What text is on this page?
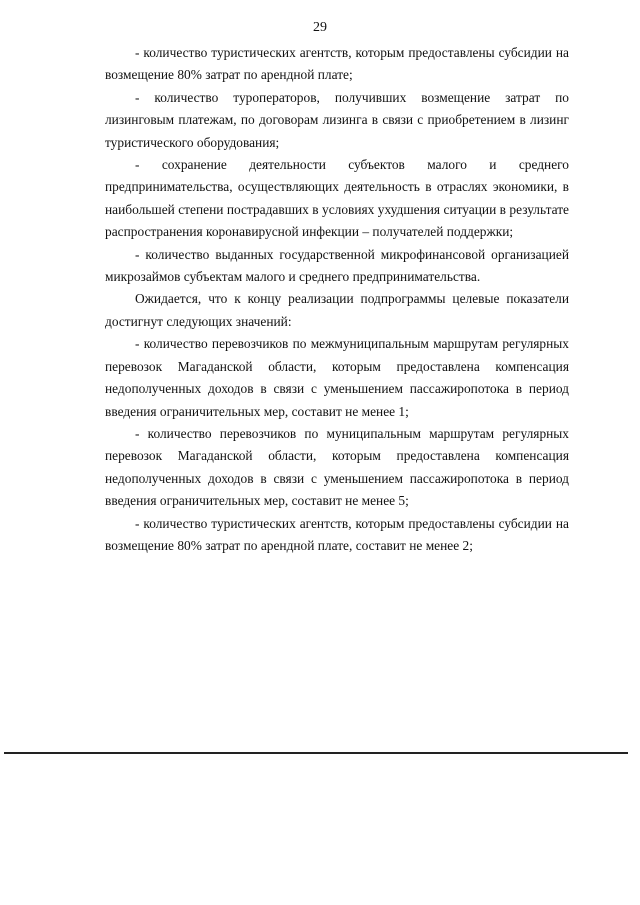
29

- количество туристических агентств, которым предоставлены субсидии на возмещение 80% затрат по арендной плате;

- количество туроператоров, получивших возмещение затрат по лизинговым платежам, по договорам лизинга в связи с приобретением в лизинг туристического оборудования;

- сохранение деятельности субъектов малого и среднего предпринимательства, осуществляющих деятельность в отраслях экономики, в наибольшей степени пострадавших в условиях ухудшения ситуации в результате распространения коронавирусной инфекции – получателей поддержки;

- количество выданных государственной микрофинансовой организацией микрозаймов субъектам малого и среднего предпринимательства.

Ожидается, что к концу реализации подпрограммы целевые показатели достигнут следующих значений:

- количество перевозчиков по межмуниципальным маршрутам регулярных перевозок Магаданской области, которым предоставлена компенсация недополученных доходов в связи с уменьшением пассажиропотока в период введения ограничительных мер, составит не менее 1;

- количество перевозчиков по муниципальным маршрутам регулярных перевозок Магаданской области, которым предоставлена компенсация недополученных доходов в связи с уменьшением пассажиропотока в период введения ограничительных мер, составит не менее 5;

- количество туристических агентств, которым предоставлены субсидии на возмещение 80% затрат по арендной плате, составит не менее 2;
